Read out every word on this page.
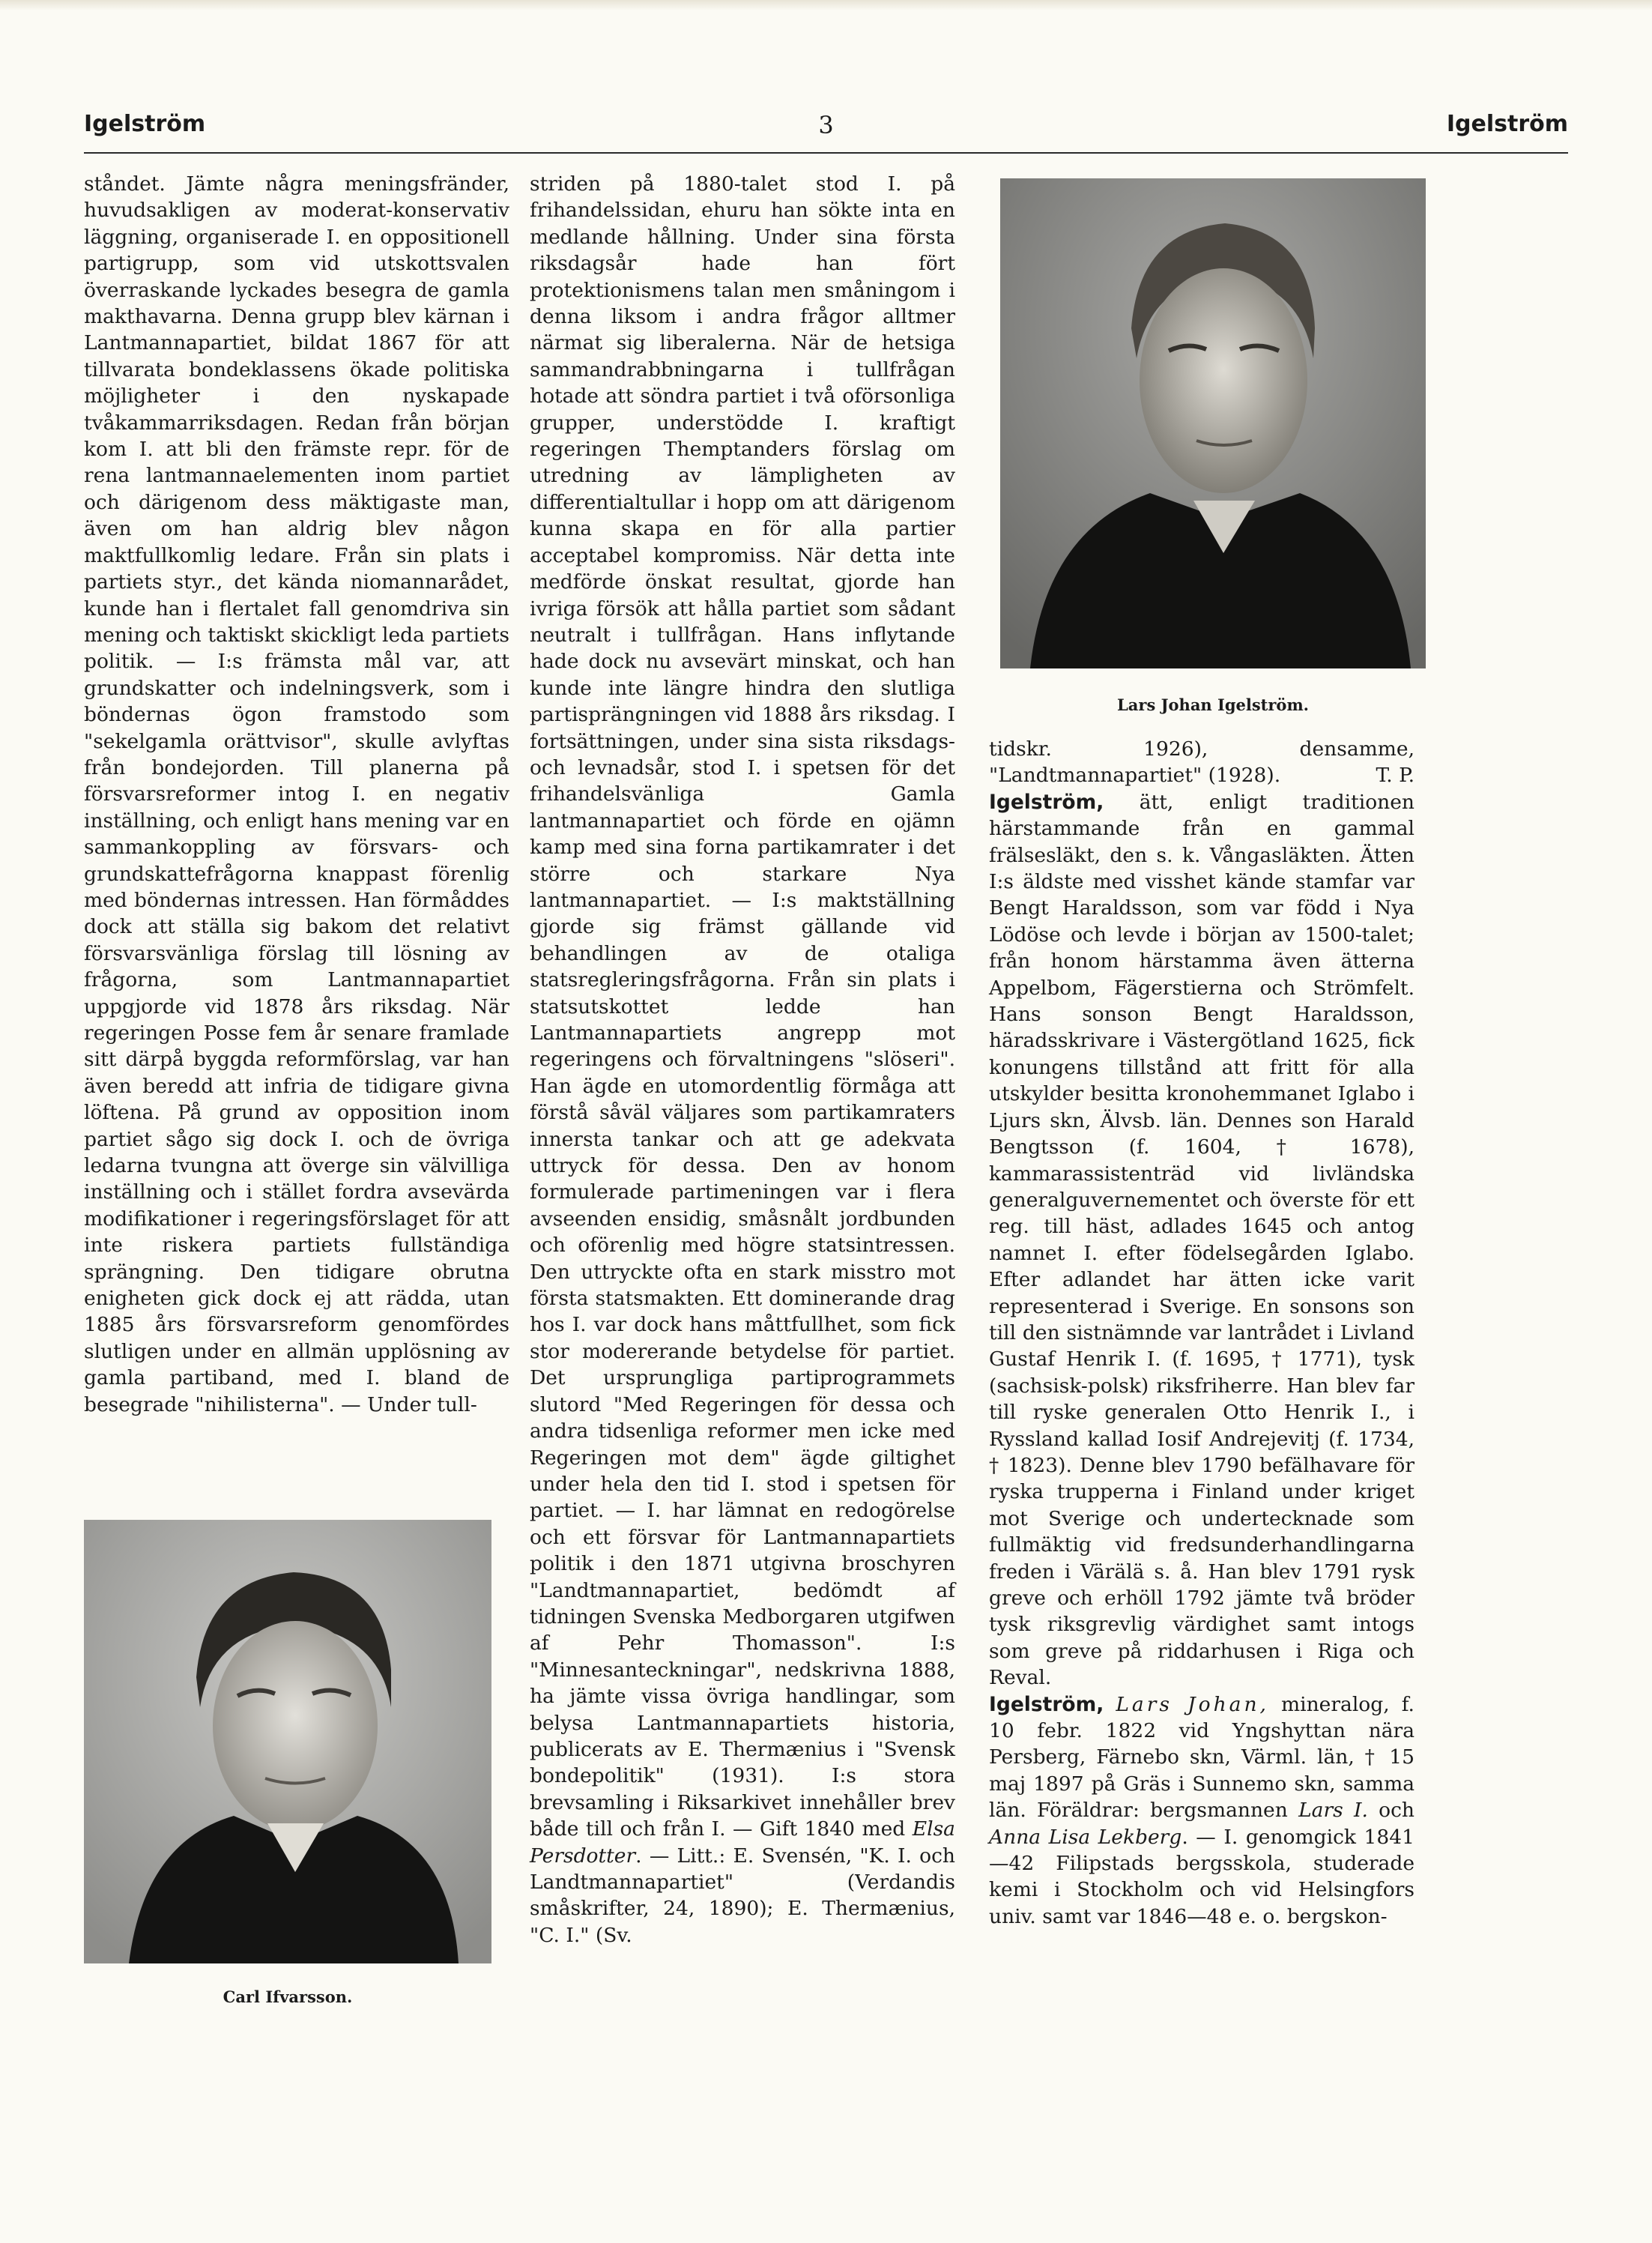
Igelström	3	Igelström

ståndet. Jämte några meningsfränder, huvudsakligen av moderat-konservativ läggning, organiserade I. en oppositionell partigrupp, som vid utskottsvalen överraskande lyckades besegra de gamla makthavarna. Denna grupp blev kärnan i Lantmannapartiet, bildat 1867 för att tillvarata bondeklassens ökade politiska möjligheter i den nyskapade tvåkammarriksdagen. Redan från början kom I. att bli den främste repr. för de rena lantmannaelementen inom partiet och därigenom dess mäktigaste man, även om han aldrig blev någon maktfullkomlig ledare. Från sin plats i partiets styr., det kända niomannarådet, kunde han i flertalet fall genomdriva sin mening och taktiskt skickligt leda partiets politik. — I:s främsta mål var, att grundskatter och indelningsverk, som i böndernas ögon framstodo som "sekelgamla orättvisor", skulle avlyftas från bondejorden. Till planerna på försvarsreformer intog I. en negativ inställning, och enligt hans mening var en sammankoppling av försvars- och grundskattefrågorna knappast förenlig med böndernas intressen. Han förmåddes dock att ställa sig bakom det relativt försvarsvänliga förslag till lösning av frågorna, som Lantmannapartiet uppgjorde vid 1878 års riksdag. När regeringen Posse fem år senare framlade sitt därpå byggda reformförslag, var han även beredd att infria de tidigare givna löftena. På grund av opposition inom partiet sågo sig dock I. och de övriga ledarna tvungna att överge sin välvilliga inställning och i stället fordra avsevärda modifikationer i regeringsförslaget för att inte riskera partiets fullständiga sprängning. Den tidigare obrutna enigheten gick dock ej att rädda, utan 1885 års försvarsreform genomfördes slutligen under en allmän upplösning av gamla partiband, med I. bland de besegrade "nihilisterna". — Under tull-

Carl Ifvarsson.

striden på 1880-talet stod I. på frihandelssidan, ehuru han sökte inta en medlande hållning. Under sina första riksdagsår hade han fört protektionismens talan men småningom i denna liksom i andra frågor alltmer närmat sig liberalerna. När de hetsiga sammandrabbningarna i tullfrågan hotade att söndra partiet i två oförsonliga grupper, understödde I. kraftigt regeringen Themptanders förslag om utredning av lämpligheten av differentialtullar i hopp om att därigenom kunna skapa en för alla partier acceptabel kompromiss. När detta inte medförde önskat resultat, gjorde han ivriga försök att hålla partiet som sådant neutralt i tullfrågan. Hans inflytande hade dock nu avsevärt minskat, och han kunde inte längre hindra den slutliga partisprängningen vid 1888 års riksdag. I fortsättningen, under sina sista riksdags- och levnadsår, stod I. i spetsen för det frihandelsvänliga Gamla lantmannapartiet och förde en ojämn kamp med sina forna partikamrater i det större och starkare Nya lantmannapartiet. — I:s maktställning gjorde sig främst gällande vid behandlingen av de otaliga statsregleringsfrågorna. Från sin plats i statsutskottet ledde han Lantmannapartiets angrepp mot regeringens och förvaltningens "slöseri". Han ägde en utomordentlig förmåga att förstå såväl väljares som partikamraters innersta tankar och att ge adekvata uttryck för dessa. Den av honom formulerade partimeningen var i flera avseenden ensidig, småsnålt jordbunden och oförenlig med högre statsintressen. Den uttryckte ofta en stark misstro mot första statsmakten. Ett dominerande drag hos I. var dock hans måttfullhet, som fick stor modererande betydelse för partiet. Det ursprungliga partiprogrammets slutord "Med Regeringen för dessa och andra tidsenliga reformer men icke med Regeringen mot dem" ägde giltighet under hela den tid I. stod i spetsen för partiet. — I. har lämnat en redogörelse och ett försvar för Lantmannapartiets politik i den 1871 utgivna broschyren "Landtmannapartiet, bedömdt af tidningen Svenska Medborgaren utgifwen af Pehr Thomasson". I:s "Minnesanteckningar", nedskrivna 1888, ha jämte vissa övriga handlingar, som belysa Lantmannapartiets historia, publicerats av E. Thermænius i "Svensk bondepolitik" (1931). I:s stora brevsamling i Riksarkivet innehåller brev både till och från I. — Gift 1840 med Elsa Persdotter. — Litt.: E. Svensén, "K. I. och Landtmannapartiet" (Verdandis småskrifter, 24, 1890); E. Thermænius, "C. I." (Sv.

Lars Johan Igelström.

tidskr. 1926), densamme, "Landtmannapartiet" (1928).	T. P.

Igelström, ätt, enligt traditionen härstammande från en gammal frälsesläkt, den s. k. Vångasläkten. Ätten I:s äldste med visshet kände stamfar var Bengt Haraldsson, som var född i Nya Lödöse och levde i början av 1500-talet; från honom härstamma även ätterna Appelbom, Fägerstierna och Strömfelt. Hans sonson Bengt Haraldsson, häradsskrivare i Västergötland 1625, fick konungens tillstånd att fritt för alla utskylder besitta kronohemmanet Iglabo i Ljurs skn, Älvsb. län. Dennes son Harald Bengtsson (f. 1604, † 1678), kammarassistenträd vid livländska generalguvernementet och överste för ett reg. till häst, adlades 1645 och antog namnet I. efter födelsegården Iglabo. Efter adlandet har ätten icke varit representerad i Sverige. En sonsons son till den sistnämnde var lantrådet i Livland Gustaf Henrik I. (f. 1695, † 1771), tysk (sachsisk-polsk) riksfriherre. Han blev far till ryske generalen Otto Henrik I., i Ryssland kallad Iosif Andrejevitj (f. 1734, † 1823). Denne blev 1790 befälhavare för ryska trupperna i Finland under kriget mot Sverige och undertecknade som fullmäktig vid fredsunderhandlingarna freden i Värälä s. å. Han blev 1791 rysk greve och erhöll 1792 jämte två bröder tysk riksgrevlig värdighet samt intogs som greve på riddarhusen i Riga och Reval.

Igelström, Lars Johan, mineralog, f. 10 febr. 1822 vid Yngshyttan nära Persberg, Färnebo skn, Värml. län, † 15 maj 1897 på Gräs i Sunnemo skn, samma län. Föräldrar: bergsmannen Lars I. och Anna Lisa Lekberg. — I. genomgick 1841—42 Filipstads bergsskola, studerade kemi i Stockholm och vid Helsingfors univ. samt var 1846—48 e. o. bergskon-
